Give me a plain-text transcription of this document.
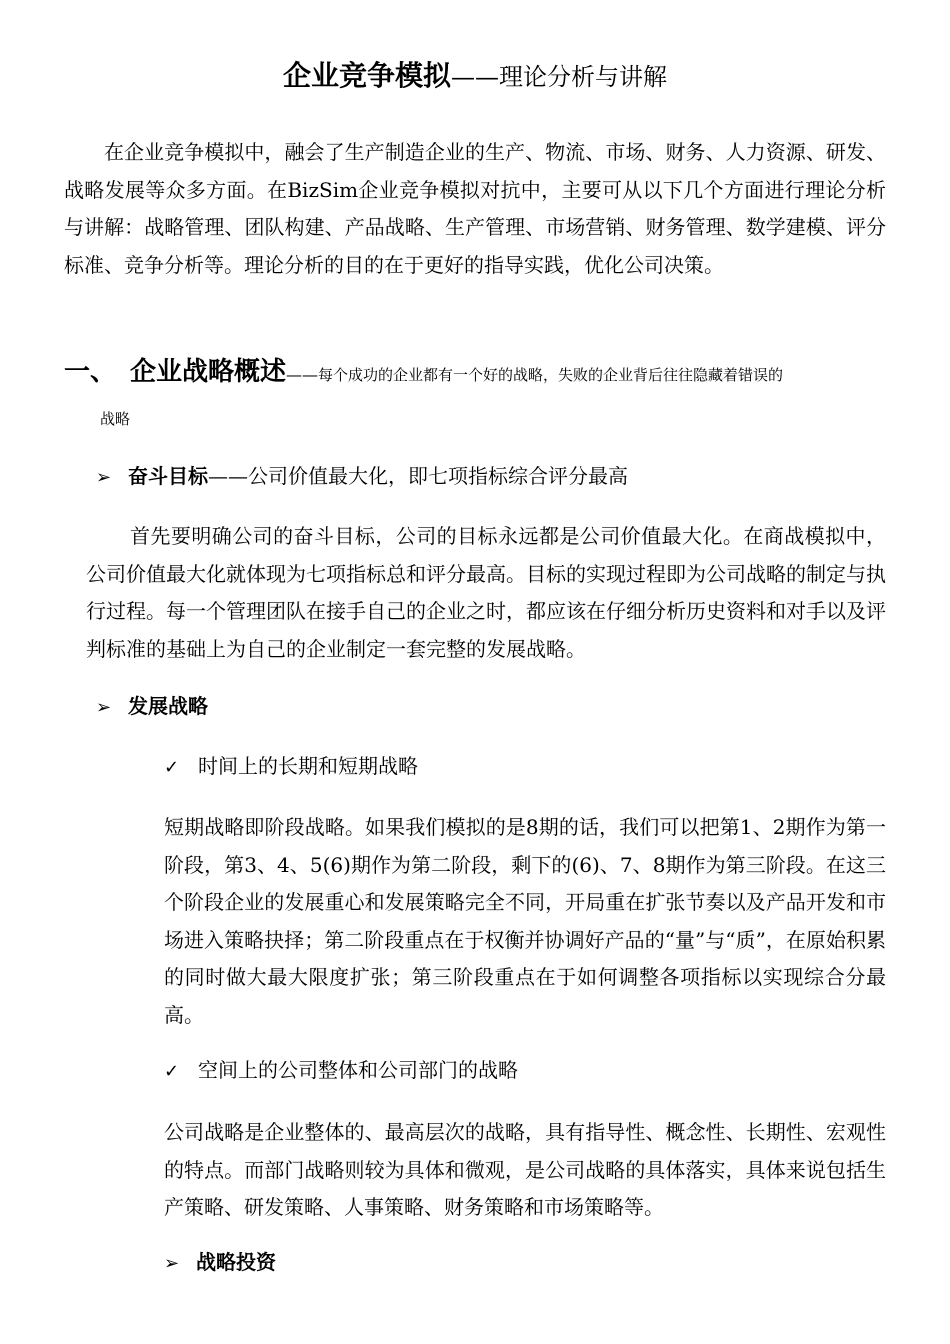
企业竞争模拟——理论分析与讲解

在企业竞争模拟中，融会了生产制造企业的生产、物流、市场、财务、人力资源、研发、战略发展等众多方面。在BizSim企业竞争模拟对抗中，主要可从以下几个方面进行理论分析与讲解：战略管理、团队构建、产品战略、生产管理、市场营销、财务管理、数学建模、评分标准、竞争分析等。理论分析的目的在于更好的指导实践，优化公司决策。

一、 企业战略概述——每个成功的企业都有一个好的战略，失败的企业背后往往隐藏着错误的
战略
➢ 奋斗目标——公司价值最大化，即七项指标综合评分最高

首先要明确公司的奋斗目标，公司的目标永远都是公司价值最大化。在商战模拟中，公司价值最大化就体现为七项指标总和评分最高。目标的实现过程即为公司战略的制定与执行过程。每一个管理团队在接手自己的企业之时，都应该在仔细分析历史资料和对手以及评判标准的基础上为自己的企业制定一套完整的发展战略。

➢ 发展战略
✓ 时间上的长期和短期战略

短期战略即阶段战略。如果我们模拟的是8期的话，我们可以把第1、2期作为第一阶段，第3、4、5(6)期作为第二阶段，剩下的(6)、7、8期作为第三阶段。在这三个阶段企业的发展重心和发展策略完全不同，开局重在扩张节奏以及产品开发和市场进入策略抉择；第二阶段重点在于权衡并协调好产品的“量”与“质”，在原始积累的同时做大最大限度扩张；第三阶段重点在于如何调整各项指标以实现综合分最高。

✓ 空间上的公司整体和公司部门的战略

公司战略是企业整体的、最高层次的战略，具有指导性、概念性、长期性、宏观性的特点。而部门战略则较为具体和微观，是公司战略的具体落实，具体来说包括生产策略、研发策略、人事策略、财务策略和市场策略等。

➢ 战略投资
